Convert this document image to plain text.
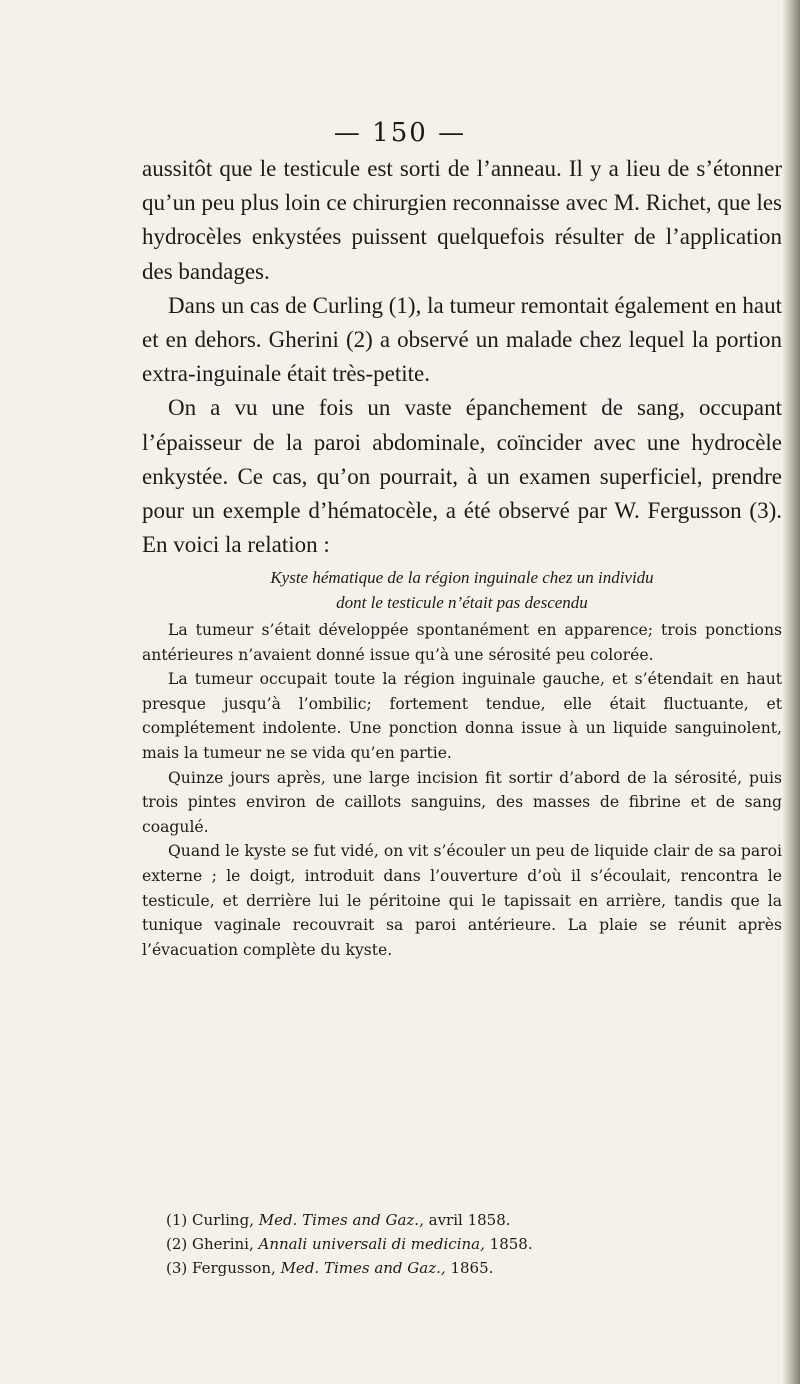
— 150 —

aussitôt que le testicule est sorti de l’anneau. Il y a lieu de s’étonner qu’un peu plus loin ce chirurgien reconnaisse avec M. Richet, que les hydrocèles enkystées puissent quelquefois résulter de l’application des bandages.

Dans un cas de Curling (1), la tumeur remontait également en haut et en dehors. Gherini (2) a observé un malade chez lequel la portion extra-inguinale était très-petite.

On a vu une fois un vaste épanchement de sang, occupant l’épaisseur de la paroi abdominale, coïncider avec une hydrocèle enkystée. Ce cas, qu’on pourrait, à un examen superficiel, prendre pour un exemple d’hématocèle, a été observé par W. Fergusson (3). En voici la relation :

Kyste hématique de la région inguinale chez un individu
dont le testicule n’était pas descendu

La tumeur s’était développée spontanément en apparence; trois ponctions antérieures n’avaient donné issue qu’à une sérosité peu colorée.

La tumeur occupait toute la région inguinale gauche, et s’étendait en haut presque jusqu’à l’ombilic; fortement tendue, elle était fluctuante, et complétement indolente. Une ponction donna issue à un liquide sanguinolent, mais la tumeur ne se vida qu’en partie.

Quinze jours après, une large incision fit sortir d’abord de la sérosité, puis trois pintes environ de caillots sanguins, des masses de fibrine et de sang coagulé.

Quand le kyste se fut vidé, on vit s’écouler un peu de liquide clair de sa paroi externe ; le doigt, introduit dans l’ouverture d’où il s’écoulait, rencontra le testicule, et derrière lui le péritoine qui le tapissait en arrière, tandis que la tunique vaginale recouvrait sa paroi antérieure. La plaie se réunit après l’évacuation complète du kyste.

(1) Curling, Med. Times and Gaz., avril 1858.

(2) Gherini, Annali universali di medicina, 1858.

(3) Fergusson, Med. Times and Gaz., 1865.
